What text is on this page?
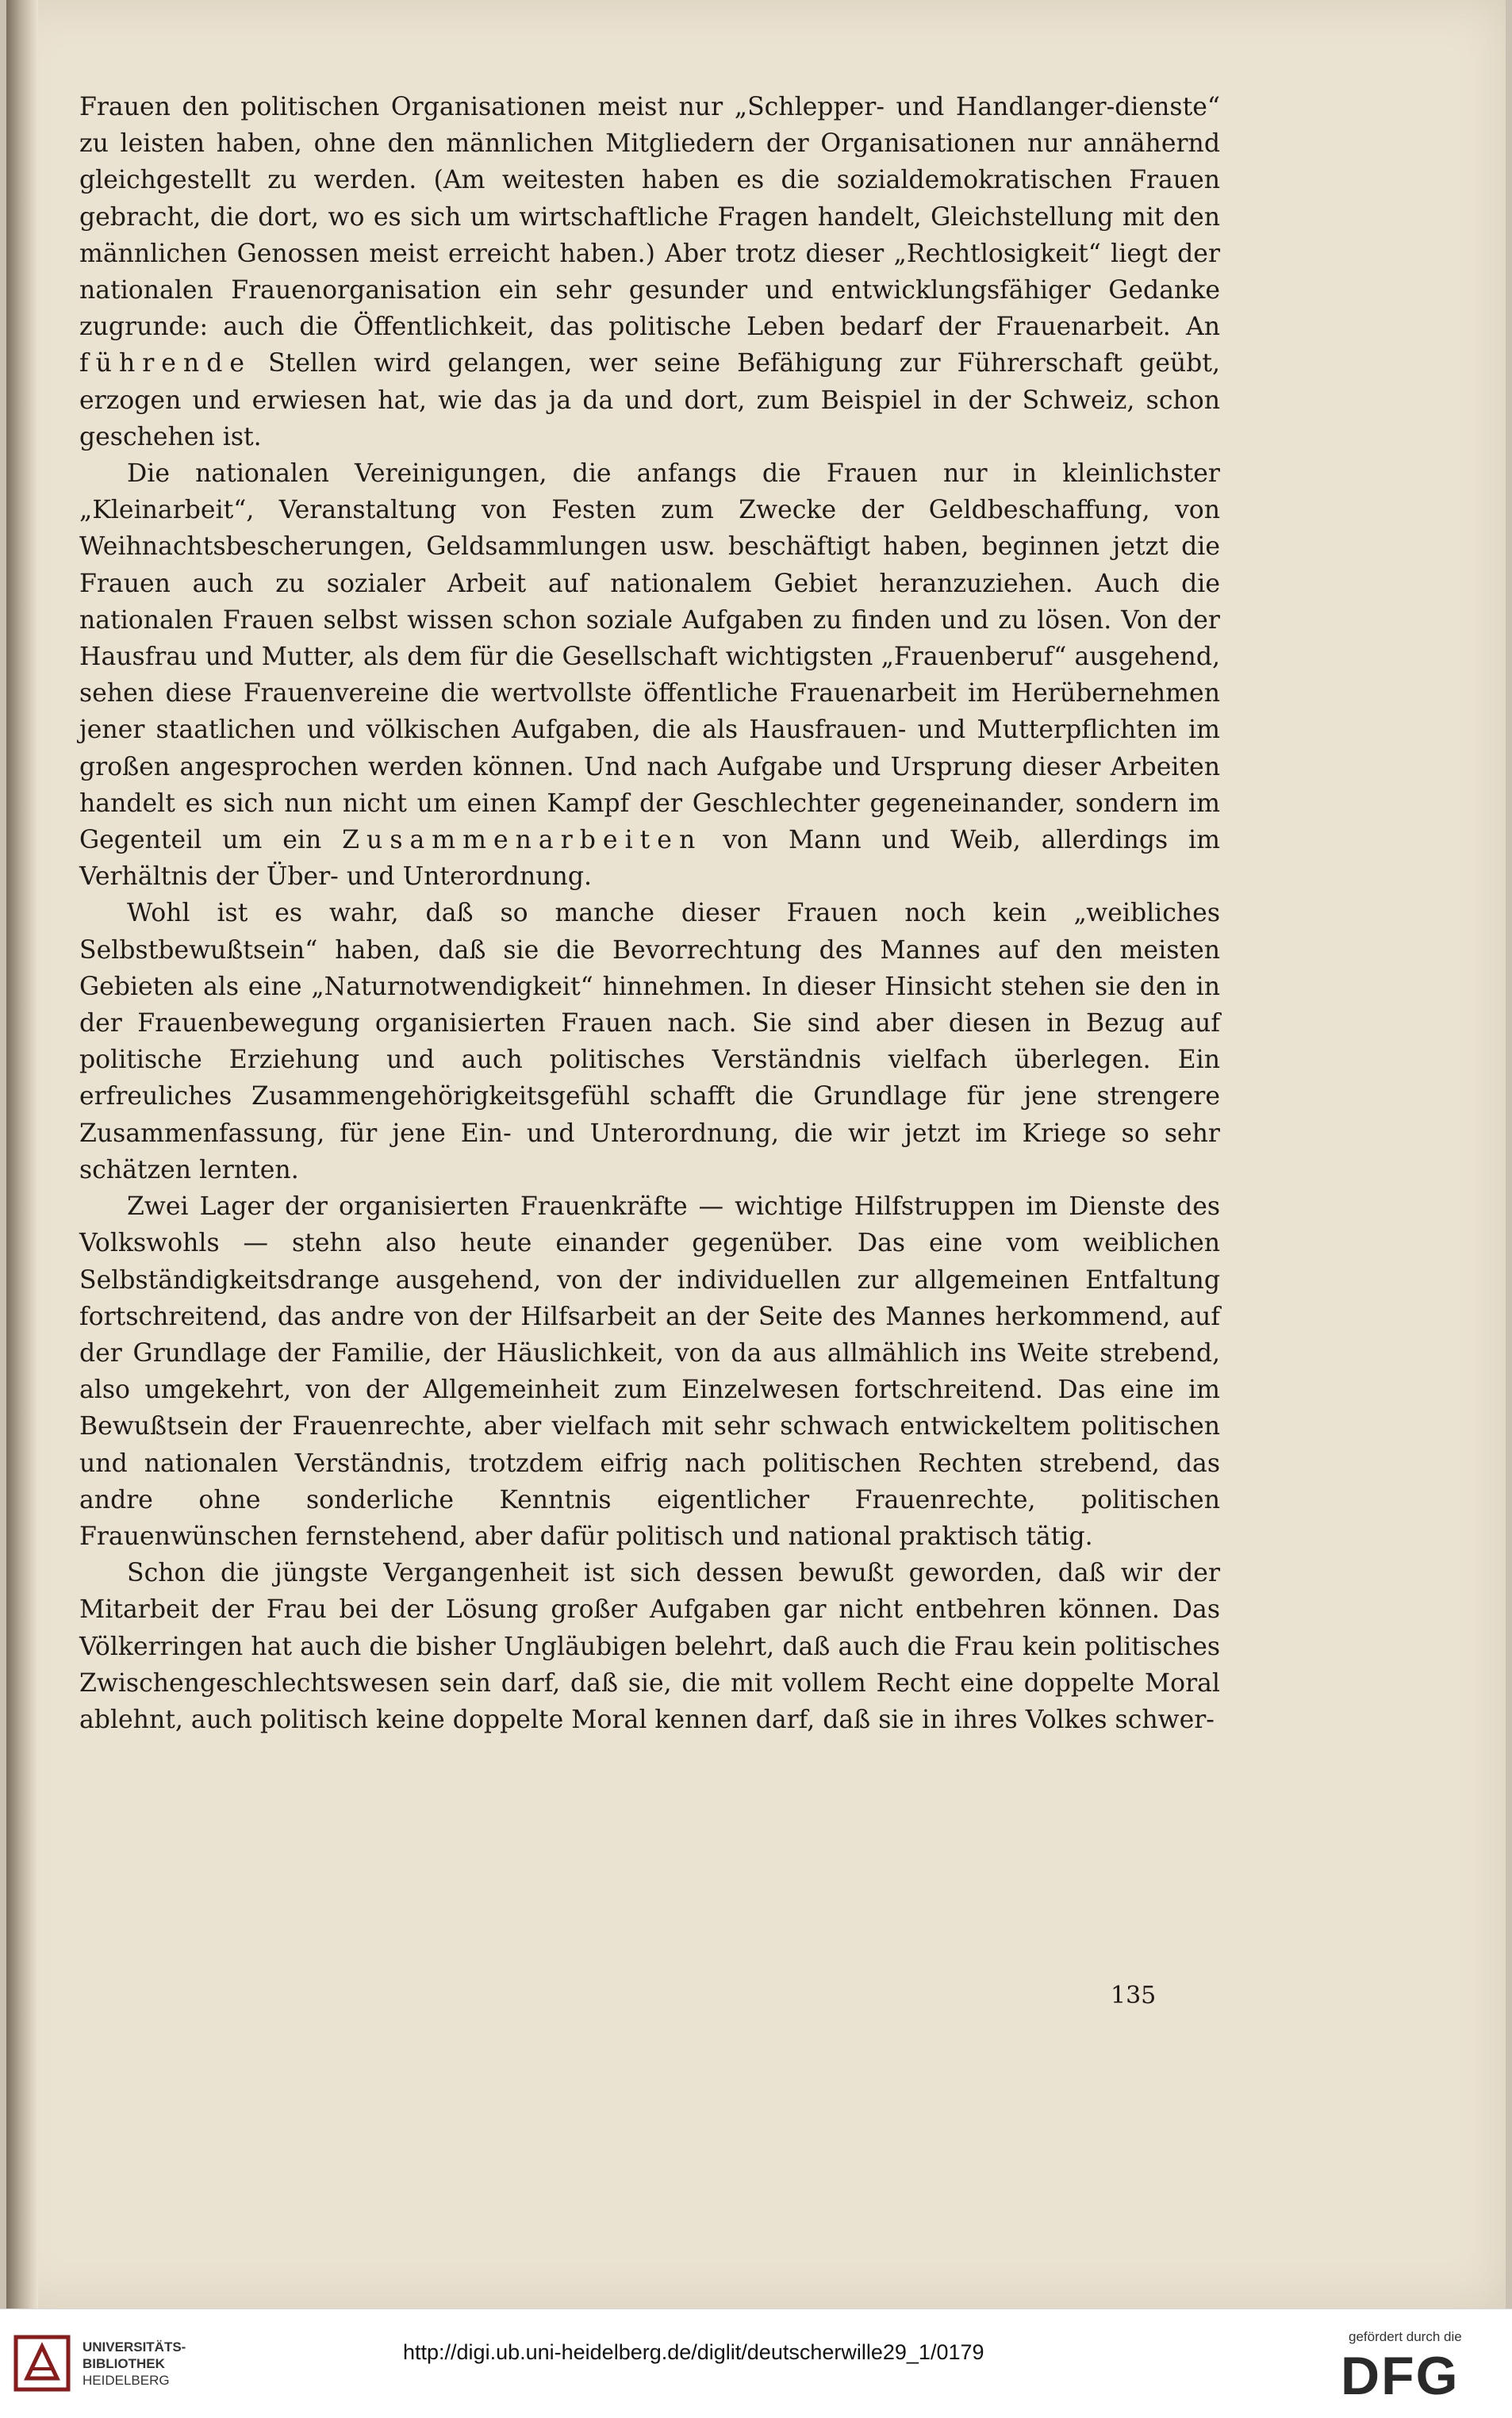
Frauen den politischen Organisationen meist nur „Schlepper- und Handlanger-dienste“ zu leisten haben, ohne den männlichen Mitgliedern der Organisationen nur annähernd gleichgestellt zu werden. (Am weitesten haben es die sozialdemokratischen Frauen gebracht, die dort, wo es sich um wirtschaftliche Fragen handelt, Gleichstellung mit den männlichen Genossen meist erreicht haben.) Aber trotz dieser „Rechtlosigkeit“ liegt der nationalen Frauenorganisation ein sehr gesunder und entwicklungsfähiger Gedanke zugrunde: auch die Öffentlichkeit, das politische Leben bedarf der Frauenarbeit. An führende Stellen wird gelangen, wer seine Befähigung zur Führerschaft geübt, erzogen und erwiesen hat, wie das ja da und dort, zum Beispiel in der Schweiz, schon geschehen ist.

Die nationalen Vereinigungen, die anfangs die Frauen nur in kleinlichster „Kleinarbeit“, Veranstaltung von Festen zum Zwecke der Geldbeschaffung, von Weihnachtsbescherungen, Geldsammlungen usw. beschäftigt haben, beginnen jetzt die Frauen auch zu sozialer Arbeit auf nationalem Gebiet heranzuziehen. Auch die nationalen Frauen selbst wissen schon soziale Aufgaben zu finden und zu lösen. Von der Hausfrau und Mutter, als dem für die Gesellschaft wichtigsten „Frauenberuf“ ausgehend, sehen diese Frauenvereine die wertvollste öffentliche Frauenarbeit im Herübernehmen jener staatlichen und völkischen Aufgaben, die als Hausfrauen- und Mutterpflichten im großen angesprochen werden können. Und nach Aufgabe und Ursprung dieser Arbeiten handelt es sich nun nicht um einen Kampf der Geschlechter gegeneinander, sondern im Gegenteil um ein Zusammenarbeiten von Mann und Weib, allerdings im Verhältnis der Über- und Unterordnung.

Wohl ist es wahr, daß so manche dieser Frauen noch kein „weibliches Selbstbewußtsein“ haben, daß sie die Bevorrechtung des Mannes auf den meisten Gebieten als eine „Naturnotwendigkeit“ hinnehmen. In dieser Hinsicht stehen sie den in der Frauenbewegung organisierten Frauen nach. Sie sind aber diesen in Bezug auf politische Erziehung und auch politisches Verständnis vielfach überlegen. Ein erfreuliches Zusammengehörigkeitsgefühl schafft die Grundlage für jene strengere Zusammenfassung, für jene Ein- und Unterordnung, die wir jetzt im Kriege so sehr schätzen lernten.

Zwei Lager der organisierten Frauenkräfte — wichtige Hilfstruppen im Dienste des Volkswohls — stehn also heute einander gegenüber. Das eine vom weiblichen Selbständigkeitsdrange ausgehend, von der individuellen zur allgemeinen Entfaltung fortschreitend, das andre von der Hilfsarbeit an der Seite des Mannes herkommend, auf der Grundlage der Familie, der Häuslichkeit, von da aus allmählich ins Weite strebend, also umgekehrt, von der Allgemeinheit zum Einzelwesen fortschreitend. Das eine im Bewußtsein der Frauenrechte, aber vielfach mit sehr schwach entwickeltem politischen und nationalen Verständnis, trotzdem eifrig nach politischen Rechten strebend, das andre ohne sonderliche Kenntnis eigentlicher Frauenrechte, politischen Frauenwünschen fernstehend, aber dafür politisch und national praktisch tätig.

Schon die jüngste Vergangenheit ist sich dessen bewußt geworden, daß wir der Mitarbeit der Frau bei der Lösung großer Aufgaben gar nicht entbehren können. Das Völkerringen hat auch die bisher Ungläubigen belehrt, daß auch die Frau kein politisches Zwischengeschlechtswesen sein darf, daß sie, die mit vollem Recht eine doppelte Moral ablehnt, auch politisch keine doppelte Moral kennen darf, daß sie in ihres Volkes schwer-

135
UNIVERSITÄTS-
BIBLIOTHEK
HEIDELBERG
http://digi.ub.uni-heidelberg.de/diglit/deutscherwille29_1/0179
gefördert durch die
DFG
